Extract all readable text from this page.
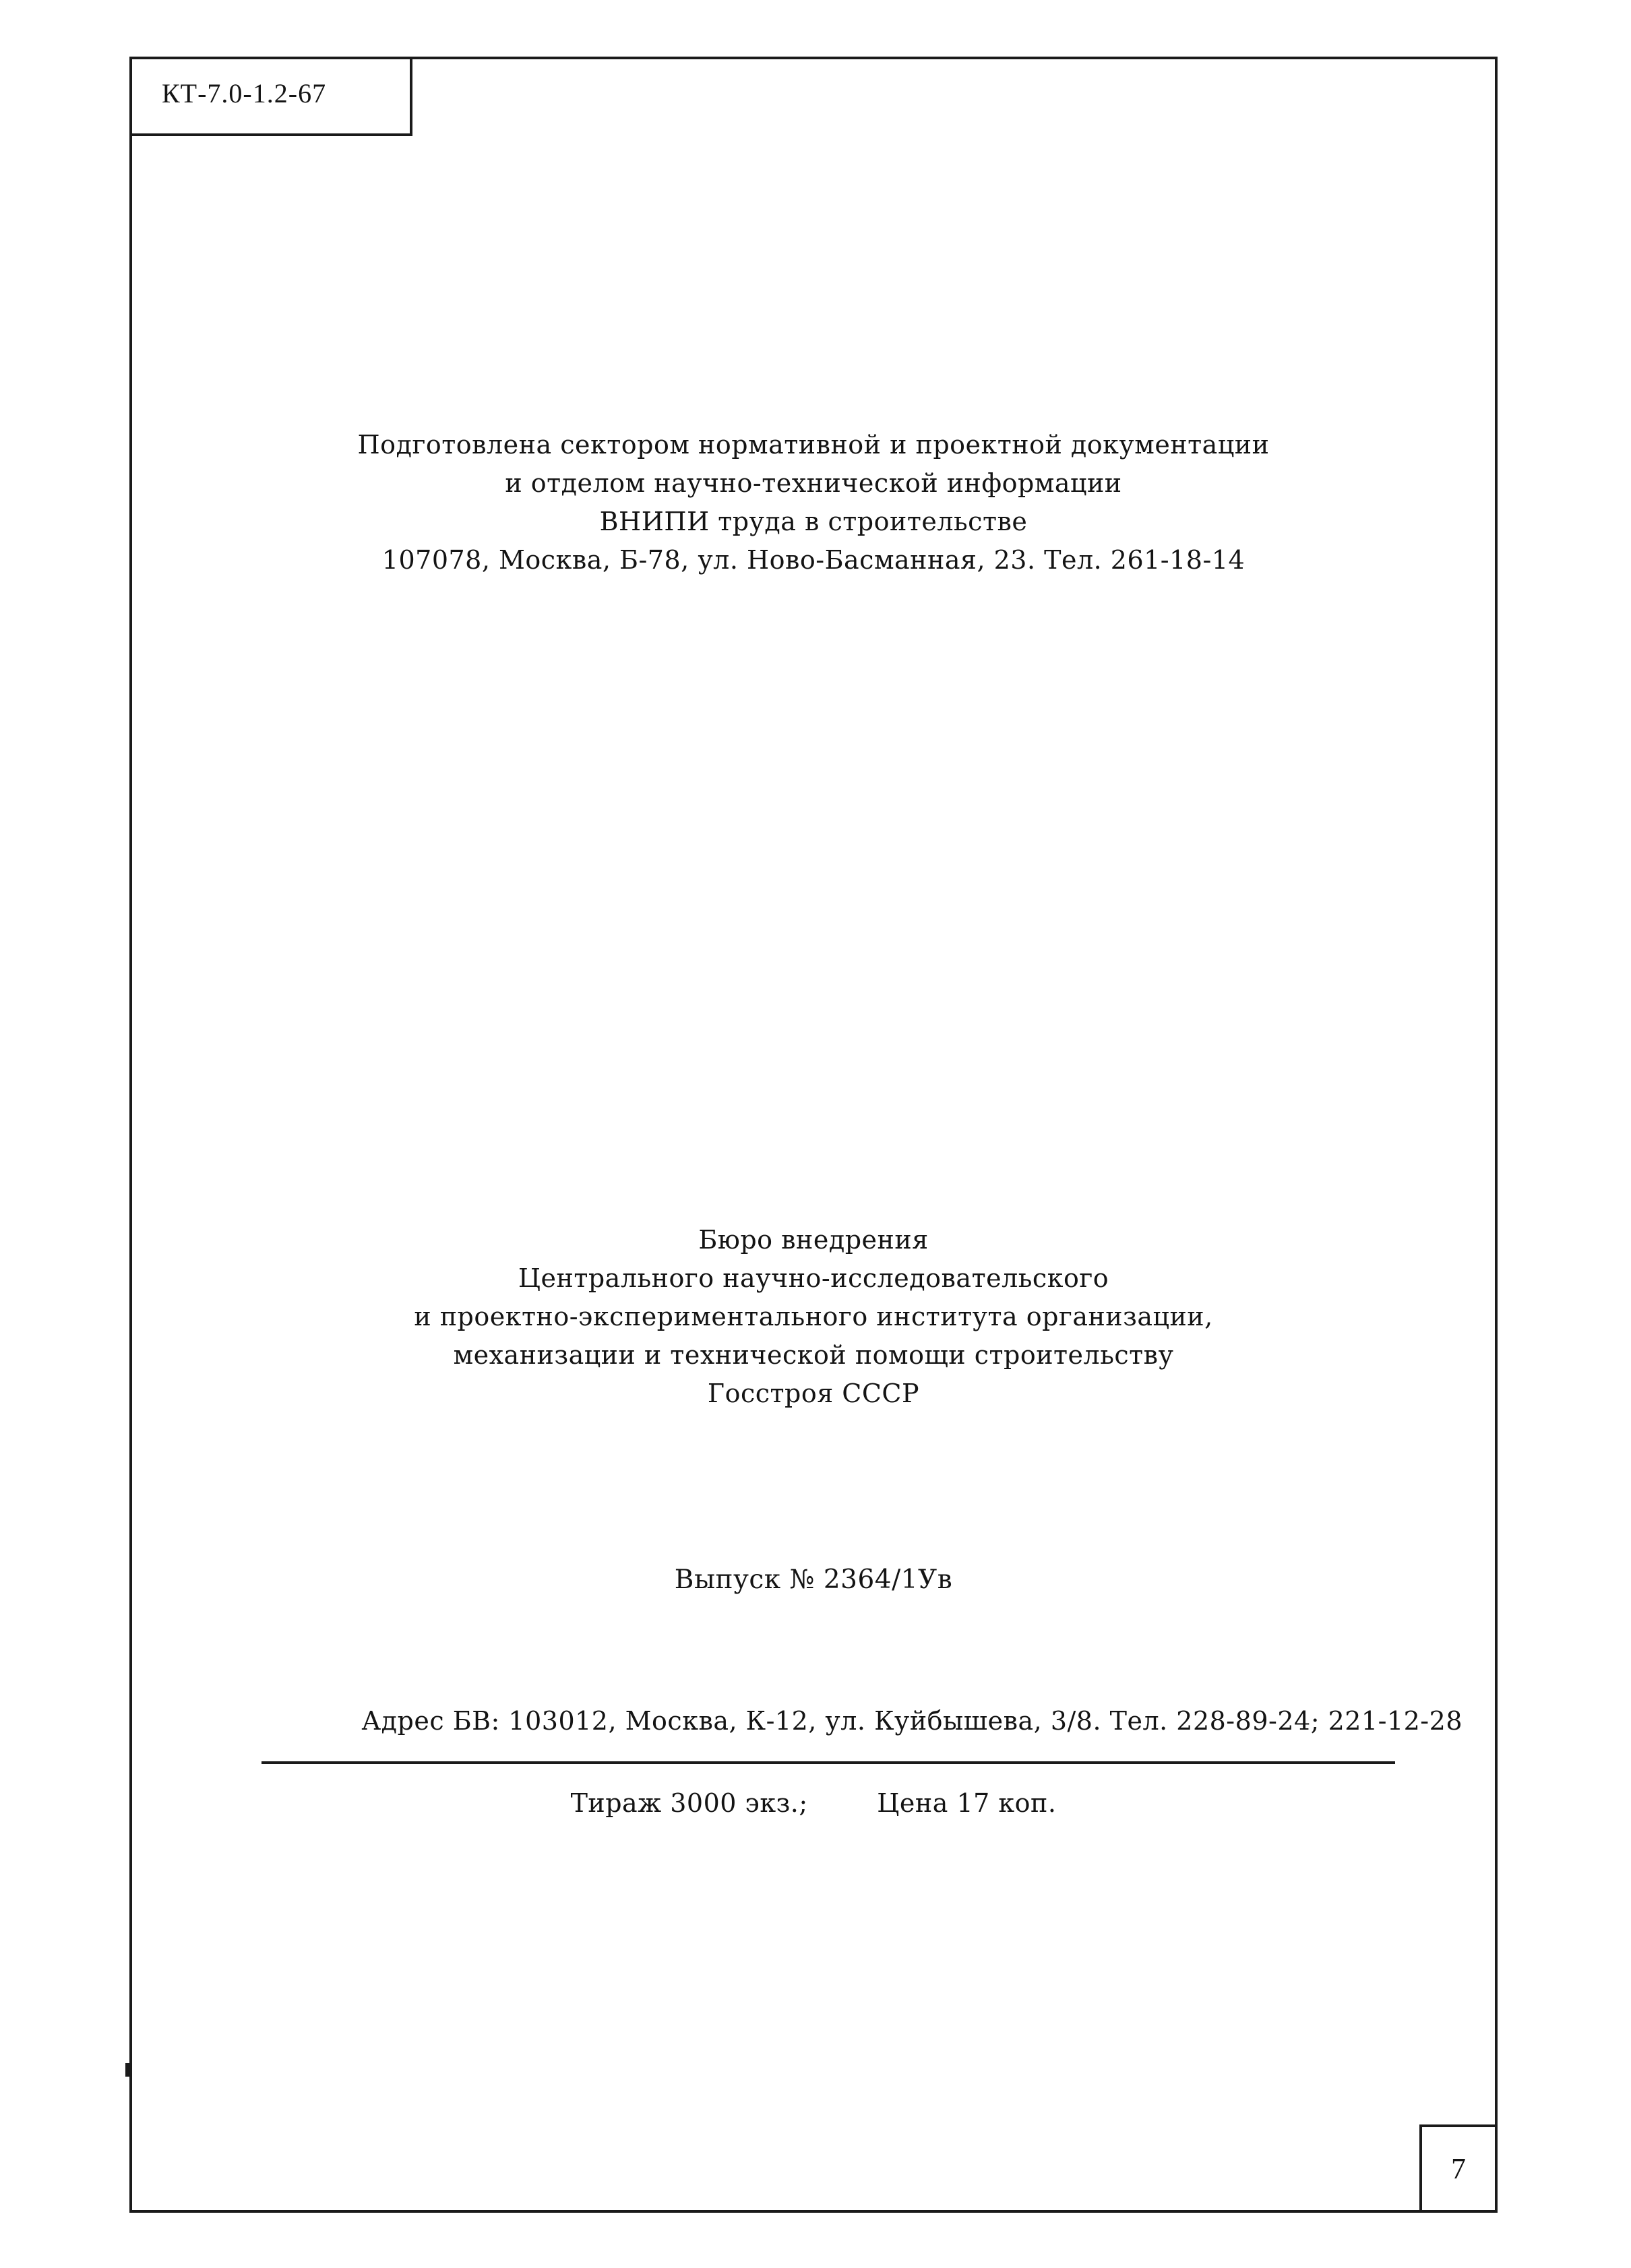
КТ-7.0-1.2-67
Подготовлена сектором нормативной и проектной документации
и отделом научно-технической информации
ВНИПИ труда в строительстве
107078, Москва, Б-78, ул. Ново-Басманная, 23. Тел. 261-18-14
Бюро внедрения
Центрального научно-исследовательского
и проектно-экспериментального института организации,
механизации и технической помощи строительству
Госстроя СССР
Выпуск № 2364/1Ув
Адрес БВ: 103012, Москва, К-12, ул. Куйбышева, 3/8. Тел. 228-89-24; 221-12-28
Тираж 3000 экз.;	Цена 17 коп.
7
